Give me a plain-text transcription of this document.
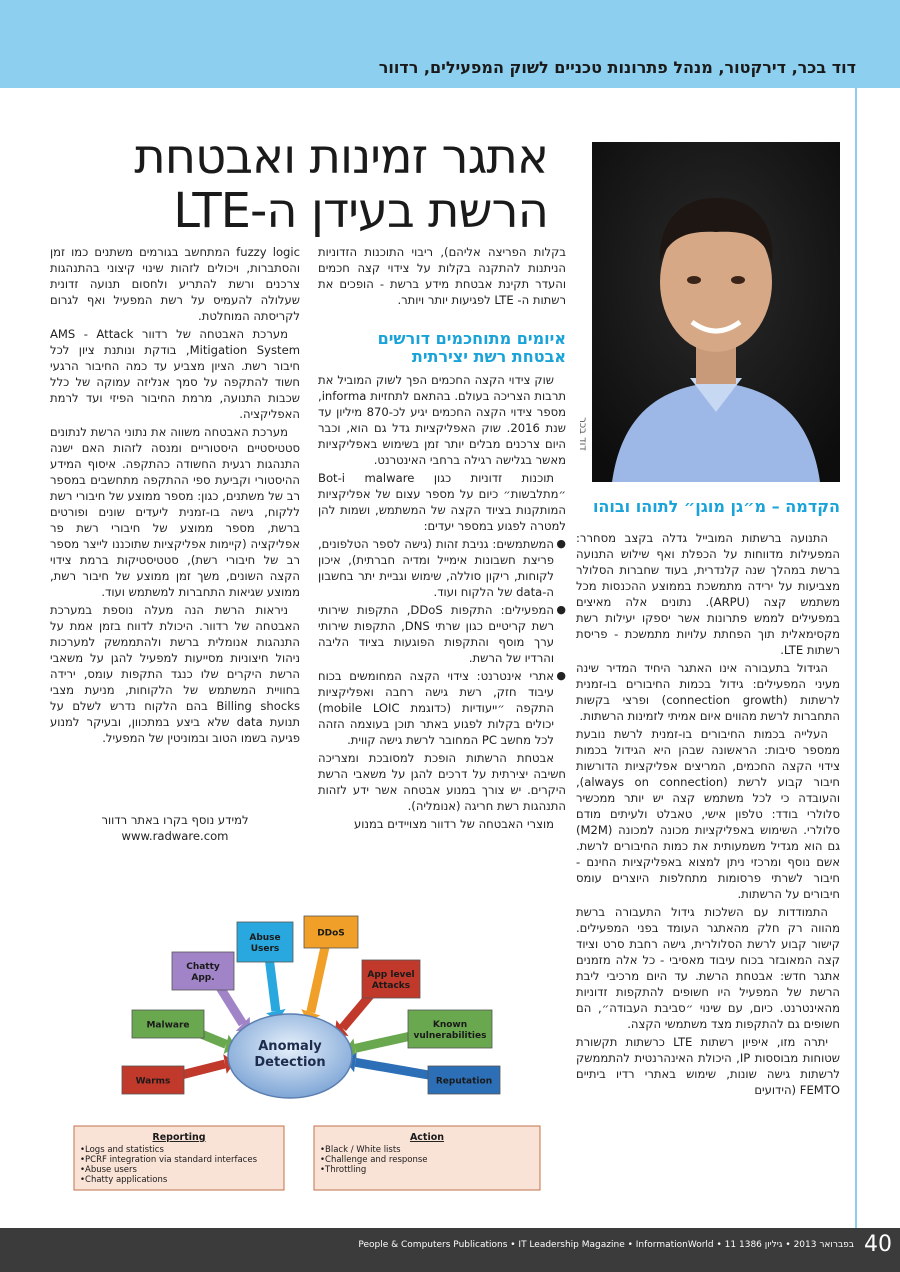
דוד בכר, דירקטור, מנהל פתרונות טכניים לשוק המפעילים, רדוור
אתגר זמינות ואבטחת
הרשת בעידן ה-LTE
דוד בכר
הקדמה – מ״גן מוגן״ לתוהו ובוהו

התנועה ברשתות המובייל גדלה בקצב מסחרר: המפעילות מדווחות על הכפלת ואף שילוש התנועה ברשת במהלך שנה קלנדרית, בעוד שחברות הסלולר מצביעות על ירידה מתמשכת בממוצע ההכנסות מכל משתמש קצה (ARPU). נתונים אלה מאיצים במפעילים לממש פתרונות אשר יספקו יעילות רשת מקסימאלית תוך הפחתת עלויות מתמשכת - פריסת רשתות LTE.

הגידול בתעבורה אינו האתגר היחיד המדיר שינה מעיני המפעילים: גידול בכמות החיבורים בו-זמנית לרשתות (connection growth) ופרצי בקשות התחברות לרשת מהווים איום אמיתי לזמינות הרשתות.

העלייה בכמות החיבורים בו-זמנית לרשת נובעת ממספר סיבות: הראשונה שבהן היא הגידול בכמות צידוי הקצה החכמים, המריצים אפליקציות הדורשות חיבור קבוע לרשת (always on connection), והעובדה כי לכל משתמש קצה יש יותר ממכשיר סלולרי בודד: טלפון אישי, טאבלט ולעיתים מודם סלולרי. השימוש באפליקציות מכונה למכונה (M2M) גם הוא מגדיל משמעותית את כמות החיבורים לרשת. אשם נוסף ומרכזי ניתן למצוא באפליקציות החינם - חיבור לשרתי פרסומות מתחלפות היוצרים עומס חיבורים על הרשתות.

התמודדות עם השלכות גידול התעבורה ברשת מהווה רק חלק מהאתגר העומד בפני המפעילים. קישור קבוע לרשת הסלולרית, גישה רחבת סרט וציוד קצה המאובזר בכוח עיבוד מאסיבי - כל אלה מזמנים אתגר חדש: אבטחת הרשת. עד היום מרכיבי ליבת הרשת של המפעיל היו חשופים להתקפות זדוניות מהאינטרנט. כיום, עם שינוי ״סביבת העבודה״, הם חשופים גם להתקפות מצד משתמשי הקצה.

יתרה מזו, איפיון רשתות LTE כרשתות תקשורת שטוחות מבוססות IP, היכולת האינהרנטית להתממשק לרשתות גישה שונות, שימוש באתרי רדיו ביתיים FEMTO (הידועים

בקלות הפריצה אליהם), ריבוי התוכנות הזדוניות הניתנות להתקנה בקלות על צידוי קצה חכמים והעדר תקינת אבטחת מידע ברשת - הופכים את רשתות ה- LTE לפגיעות יותר ויותר.

איומים מתוחכמים דורשים
אבטחת רשת יצירתית

שוק צידוי הקצה החכמים הפך לשוק המוביל את תרבות הצריכה בעולם. בהתאם לתחזיות informa, מספר צידוי הקצה החכמים יגיע לכ-870 מיליון עד שנת 2016. שוק האפליקציות גדל גם הוא, וכבר היום צרכנים מבלים יותר זמן בשימוש באפליקציות מאשר בגלישה רגילה ברחבי האינטרנט.

תוכנות זדוניות כגון Bot-i malware ״מתלבשות״ כיום על מספר עצום של אפליקציות המותקנות בציוד הקצה של המשתמש, ושמות להן למטרה לפגוע במספר יעדים:

● המשתמשים: גניבת זהות (גישה לספר הטלפונים, פריצת חשבונות אימייל ומדיה חברתית), איכון לקוחות, ריקון סוללה, שימוש וגביית יתר בחשבון ה-data של הלקוח ועוד.
● המפעילים: התקפות DDoS, התקפות שירותי רשת קריטיים כגון שרתי DNS, התקפות שירותי ערך מוסף והתקפות הפוגעות בציוד הליבה והרדיו של הרשת.
● אתרי אינטרנט: צידוי הקצה המחומשים בכוח עיבוד חזק, רשת גישה רחבה ואפליקציות התקפה ״ייעודיות (כדוגמת mobile LOIC) יכולים בקלות לפגוע באתר תוכן בעוצמה הזהה לכל מחשב PC המחובר לרשת גישה קווית.

אבטחת הרשתות הופכת למסובכת ומצריכה חשיבה יצירתית על דרכים להגן על משאבי הרשת היקרים. יש צורך במנוע אבטחה אשר ידע לזהות התנהגות רשת חריגה (אנומליה).

מוצרי האבטחה של רדוור מצויידים במנוע

fuzzy logic המתחשב בגורמים משתנים כמו זמן והסתברות, ויכולים לזהות שינוי קיצוני בהתנהגות צרכנים ורשת להתריע ולחסום תנועה זדונית שעלולה להעמיס על רשת המפעיל ואף לגרום לקריסתה המוחלטת.

מערכת האבטחה של רדוור AMS - Attack Mitigation System, בודקת ונותנת ציון לכל חיבור רשת. הציון מצביע עד כמה החיבור הרגעי חשוד להתקפה על סמך אנליזה עמוקה של כלל שכבות התנועה, מרמת החיבור הפיזי ועד לרמת האפליקציה.

מערכת האבטחה משווה את נתוני הרשת לנתונים סטטיסטיים היסטוריים ומנסה לזהות האם ישנה התנהגות רגעית החשודה כהתקפה. איסוף המידע ההיסטורי וקביעת ספי ההתקפה מתחשבים במספר רב של משתנים, כגון: מספר ממוצע של חיבורי רשת ללקוח, גישה בו-זמנית ליעדים שונים ופורטים ברשת, מספר ממוצע של חיבורי רשת פר אפליקציה (קיימות אפליקציות שתוכננו לייצר מספר רב של חיבורי רשת), סטטיסטיקות ברמת צידוי הקצה השונים, משך זמן ממוצע של חיבור רשת, ממוצע שגיאות התחברות למשתמש ועוד.

ניראות הרשת הנה מעלה נוספת במערכת האבטחה של רדוור. היכולת לדווח בזמן אמת על התנהגות אנומלית ברשת ולהתממשק למערכות ניהול חיצוניות מסייעות למפעיל להגן על משאבי הרשת היקרים שלו כנגד התקפות עומס, ירידה בחוויית המשתמש של הלקוחות, מניעת מצבי Billing shocks בהם הלקוח נדרש לשלם על תנועת data שלא ביצע במתכוון, ובעיקר למנוע פגיעה בשמו הטוב ובמוניטין של המפעיל.

למידע נוסף בקרו באתר רדוור
www.radware.com
Warms
Malware
Chatty
App.
Abuse
Users
DDoS
App level
Attacks
Known
vulnerabilities
Reputation
Anomaly
Detection
Reporting
•Logs and statistics
•PCRF integration via standard interfaces
•Abuse users
•Chatty applications
Action
•Black / White lists
•Challenge and response
•Throttling
People & Computers Publications • IT Leadership Magazine • InformationWorld • 11 בפברואר 2013 • גיליון 1386 40
